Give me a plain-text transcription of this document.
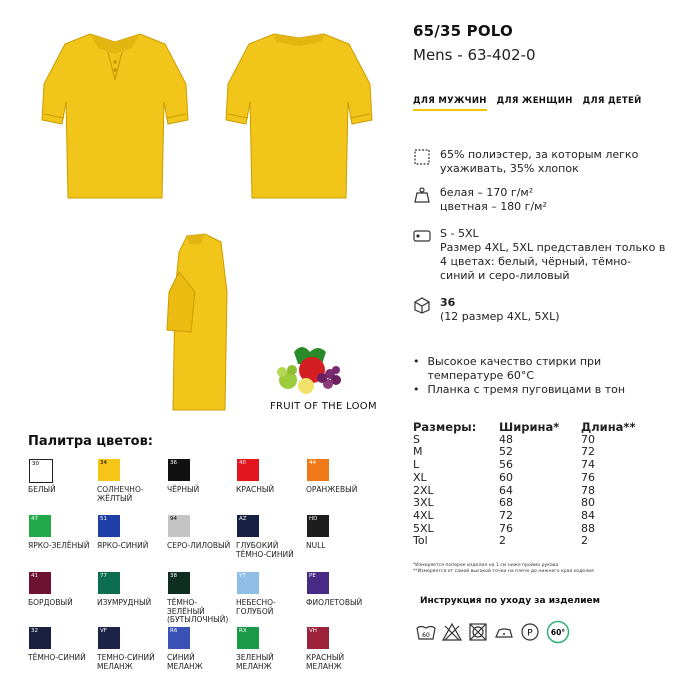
FRUIT OF THE LOOM
65/35 POLO
Mens - 63-402-0
ДЛЯ МУЖЧИН ДЛЯ ЖЕНЩИН ДЛЯ ДЕТЕЙ
65% полиэстер, за которым легко
ухаживать, 35% хлопок
белая – 170 г/м²
цветная – 180 г/м²
S - 5XL
Размер 4XL, 5XL представлен только в
4 цветах: белый, чёрный, тёмно-
синий и серо-лиловый
36
(12 размер 4XL, 5XL)
• Высокое качество стирки при
температуре 60°C
• Планка с тремя пуговицами в тон
Размеры:	Ширина*	Длина**
S	48	70
M	52	72
L	56	74
XL	60	76
2XL	64	78
3XL	68	80
4XL	72	84
5XL	76	88
Tol	2	2
*Измеряется поперек изделия на 1 см ниже пройма рукава
**Измеряется от самой высокой точки на плече до нижнего края изделия
Инструкция по уходу за изделием
60	P 60°
Палитра цветов:
30
БЕЛЫЙ
34
СОЛНЕЧНО-
ЖЁЛТЫЙ
36
ЧЁРНЫЙ
40
КРАСНЫЙ
44
ОРАНЖЕВЫЙ
47
ЯРКО-ЗЕЛЁНЫЙ
51
ЯРКО-СИНИЙ
94
СЕРО-ЛИЛОВЫЙ
AZ
ГЛУБОКИЙ
ТЁМНО-СИНИЙ
HD
NULL
41
БОРДОВЫЙ
77
ИЗУМРУДНЫЙ
38
ТЁМНО-
ЗЕЛЁНЫЙ
(БУТЫЛОЧНЫЙ)
YT
НЕБЕСНО-
ГОЛУБОЙ
PE
ФИОЛЕТОВЫЙ
32
ТЁМНО-СИНИЙ
VF
ТЕМНО-СИНИЙ
МЕЛАНЖ
R6
СИНИЙ
МЕЛАНЖ
RX
ЗЕЛЕНЫЙ
МЕЛАНЖ
VH
КРАСНЫЙ
МЕЛАНЖ
